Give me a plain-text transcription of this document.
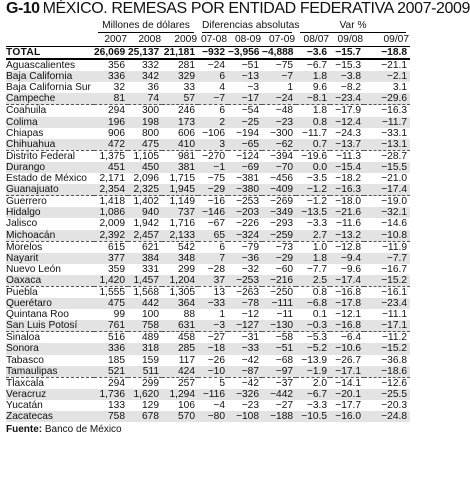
G-10 MÉXICO. REMESAS POR ENTIDAD FEDERATIVA 2007-2009

	Millones de dólares			Diferencias absolutas			Var %		

	2007	2008	2009	07-08	08-09	07-09	08/07	09/08	09/07
TOTAL	26,069	25,137	21,181	−932	−3,956	−4,888	−3.6	−15.7	−18.8
Aguascalientes	356	332	281	−24	−51	−75	−6.7	−15.3	−21.1
Baja California	336	342	329	6	−13	−7	1.8	−3.8	−2.1
Baja California Sur	32	36	33	4	−3	1	9.6	−8.2	3.1
Campeche	81	74	57	−7	−17	−24	−8.1	−23.4	−29.6
Coahuila	294	300	246	6	−54	−48	1.8	−17.9	−16.3
Colima	196	198	173	2	−25	−23	0.8	−12.4	−11.7
Chiapas	906	800	606	−106	−194	−300	−11.7	−24.3	−33.1
Chihuahua	472	475	410	3	−65	−62	0.7	−13.7	−13.1
Distrito Federal	1,375	1,105	981	−270	−124	−394	−19.6	−11.3	−28.7
Durango	451	450	381	−1	−69	−70	0.0	−15.4	−15.5
Estado de México	2,171	2,096	1,715	−75	−381	−456	−3.5	−18.2	−21.0
Guanajuato	2,354	2,325	1,945	−29	−380	−409	−1.2	−16.3	−17.4
Guerrero	1,418	1,402	1,149	−16	−253	−269	−1.2	−18.0	−19.0
Hidalgo	1,086	940	737	−146	−203	−349	−13.5	−21.6	−32.1
Jalisco	2,009	1,942	1,716	−67	−226	−293	−3.3	−11.6	−14.6
Michoacán	2,392	2,457	2,133	65	−324	−259	2.7	−13.2	−10.8
Morelos	615	621	542	6	−79	−73	1.0	−12.8	−11.9
Nayarit	377	384	348	7	−36	−29	1.8	−9.4	−7.7
Nuevo León	359	331	299	−28	−32	−60	−7.7	−9.6	−16.7
Oaxaca	1,420	1,457	1,204	37	−253	−216	2.5	−17.4	−15.2
Puebla	1,555	1,568	1,305	13	−263	−250	0.8	−16.8	−16.1
Querétaro	475	442	364	−33	−78	−111	−6.8	−17.8	−23.4
Quintana Roo	99	100	88	1	−12	−11	0.1	−12.1	−11.1
San Luis Potosí	761	758	631	−3	−127	−130	−0.3	−16.8	−17.1
Sinaloa	516	489	458	−27	−31	−58	−5.3	−6.4	−11.2
Sonora	336	318	285	−18	−33	−51	−5.2	−10.6	−15.2
Tabasco	185	159	117	−26	−42	−68	−13.9	−26.7	−36.8
Tamaulipas	521	511	424	−10	−87	−97	−1.9	−17.1	−18.6
Tlaxcala	294	299	257	5	−42	−37	2.0	−14.1	−12.6
Veracruz	1,736	1,620	1,294	−116	−326	−442	−6.7	−20.1	−25.5
Yucatán	133	129	106	−4	−23	−27	−3.3	−17.7	−20.3
Zacatecas	758	678	570	−80	−108	−188	−10.5	−16.0	−24.8
Fuente: Banco de México
